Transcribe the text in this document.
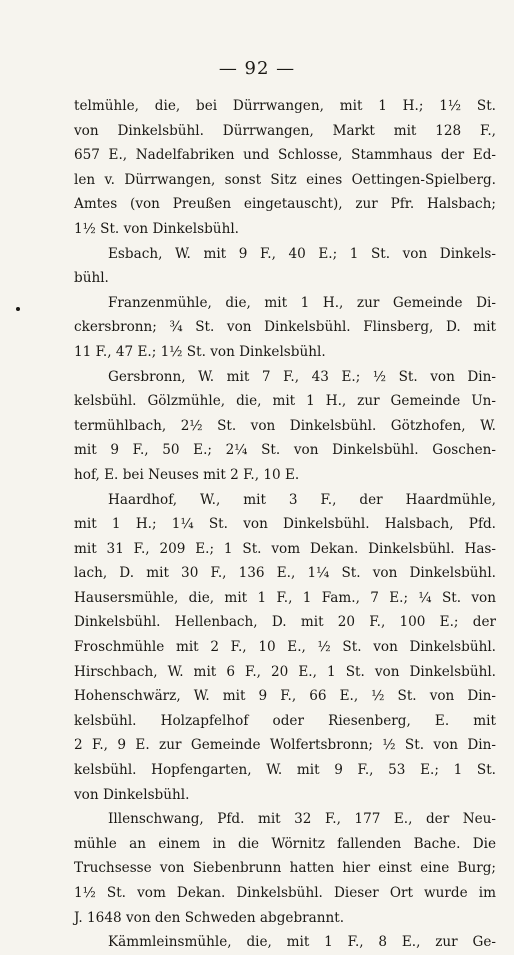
— 92 —
telmühle, die, bei Dürrwangen, mit 1 H.; 1½ St.
von Dinkelsbühl. Dürrwangen, Markt mit 128 F.,
657 E., Nadelfabriken und Schlosse, Stammhaus der Ed-
len v. Dürrwangen, sonst Sitz eines Oettingen-Spielberg.
Amtes (von Preußen eingetauscht), zur Pfr. Halsbach;
1½ St. von Dinkelsbühl.
Esbach, W. mit 9 F., 40 E.; 1 St. von Dinkels-
bühl.
Franzenmühle, die, mit 1 H., zur Gemeinde Di-
ckersbronn; ¾ St. von Dinkelsbühl. Flinsberg, D. mit
11 F., 47 E.; 1½ St. von Dinkelsbühl.
Gersbronn, W. mit 7 F., 43 E.; ½ St. von Din-
kelsbühl. Gölzmühle, die, mit 1 H., zur Gemeinde Un-
termühlbach, 2½ St. von Dinkelsbühl. Götzhofen, W.
mit 9 F., 50 E.; 2¼ St. von Dinkelsbühl. Goschen-
hof, E. bei Neuses mit 2 F., 10 E.
Haardhof, W., mit 3 F., der Haardmühle,
mit 1 H.; 1¼ St. von Dinkelsbühl. Halsbach, Pfd.
mit 31 F., 209 E.; 1 St. vom Dekan. Dinkelsbühl. Has-
lach, D. mit 30 F., 136 E., 1¼ St. von Dinkelsbühl.
Hausersmühle, die, mit 1 F., 1 Fam., 7 E.; ¼ St. von
Dinkelsbühl. Hellenbach, D. mit 20 F., 100 E.; der
Froschmühle mit 2 F., 10 E., ½ St. von Dinkelsbühl.
Hirschbach, W. mit 6 F., 20 E., 1 St. von Dinkelsbühl.
Hohenschwärz, W. mit 9 F., 66 E., ½ St. von Din-
kelsbühl. Holzapfelhof oder Riesenberg, E. mit
2 F., 9 E. zur Gemeinde Wolfertsbronn; ½ St. von Din-
kelsbühl. Hopfengarten, W. mit 9 F., 53 E.; 1 St.
von Dinkelsbühl.
Illenschwang, Pfd. mit 32 F., 177 E., der Neu-
mühle an einem in die Wörnitz fallenden Bache. Die
Truchsesse von Siebenbrunn hatten hier einst eine Burg;
1½ St. vom Dekan. Dinkelsbühl. Dieser Ort wurde im
J. 1648 von den Schweden abgebrannt.
Kämmleinsmühle, die, mit 1 F., 8 E., zur Ge-
